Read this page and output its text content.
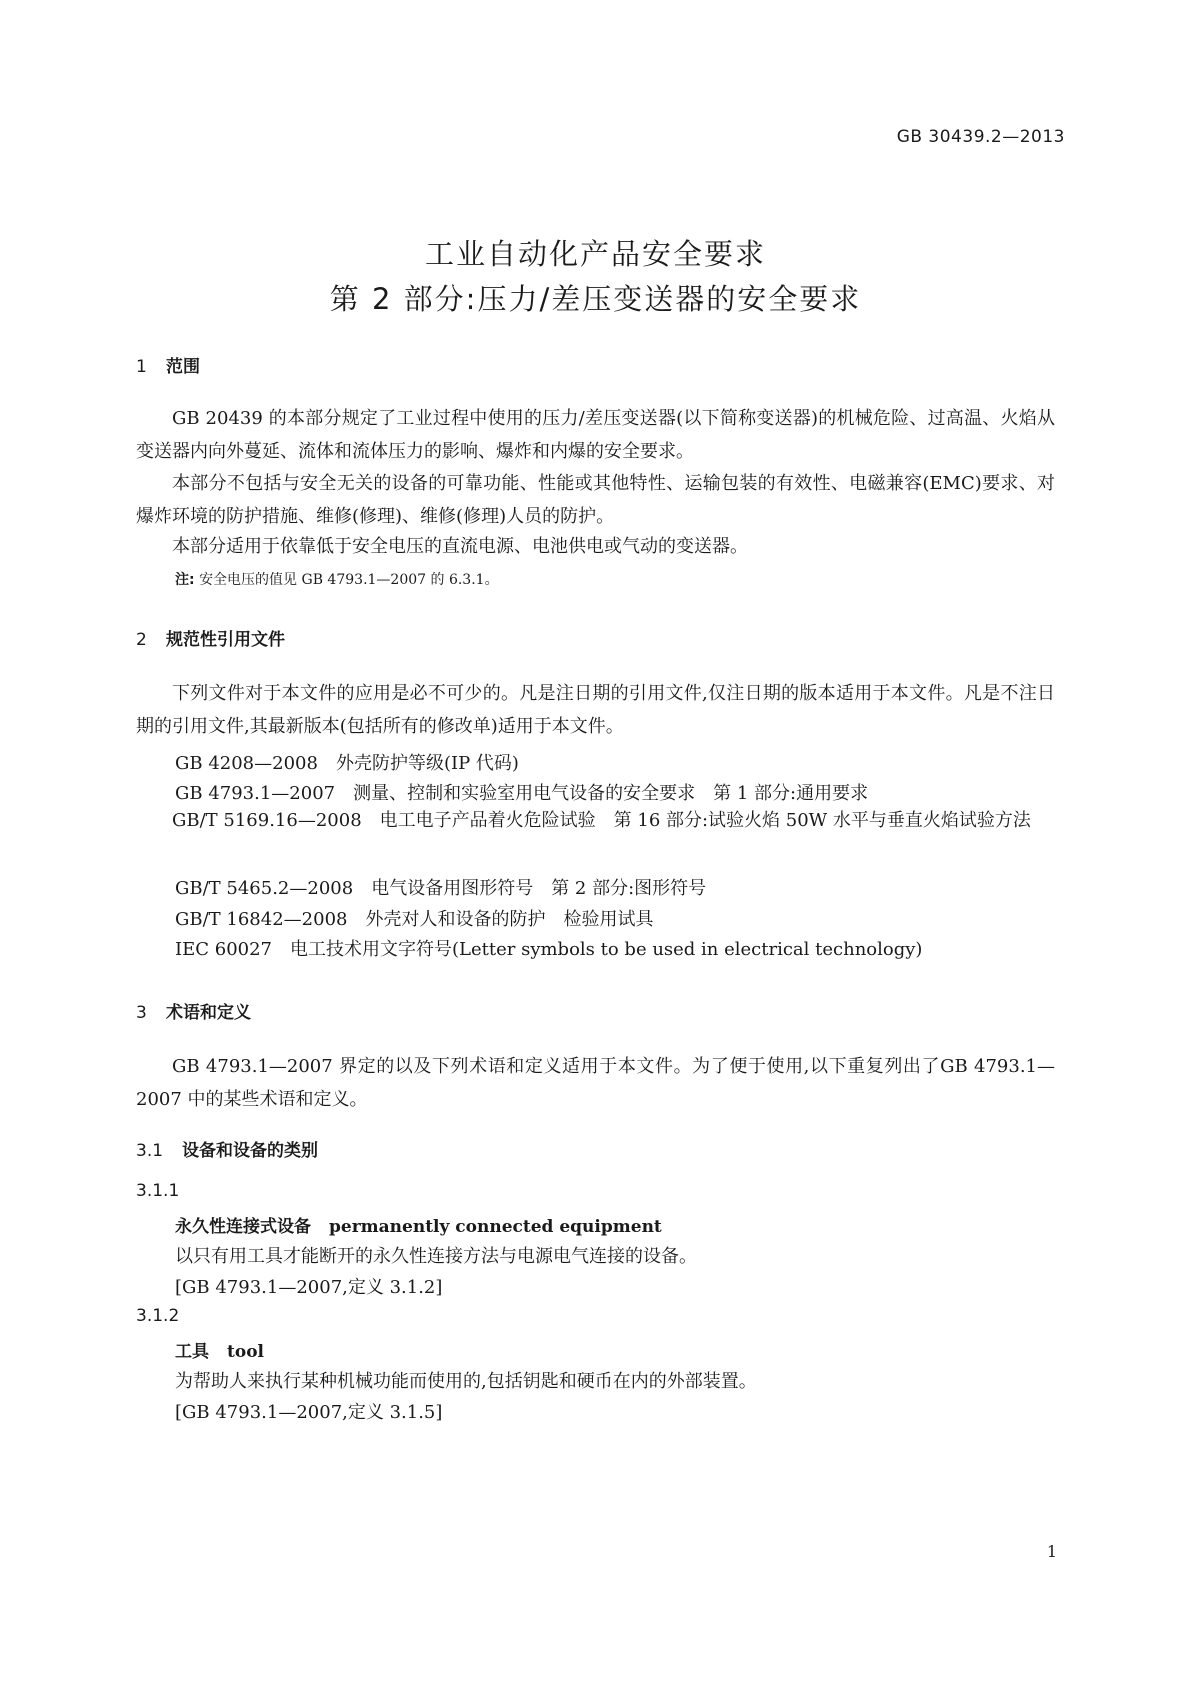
GB 30439.2—2013
工业自动化产品安全要求
第 2 部分:压力/差压变送器的安全要求
1 范围
GB 20439 的本部分规定了工业过程中使用的压力/差压变送器(以下简称变送器)的机械危险、过高温、火焰从变送器内向外蔓延、流体和流体压力的影响、爆炸和内爆的安全要求。
本部分不包括与安全无关的设备的可靠功能、性能或其他特性、运输包装的有效性、电磁兼容(EMC)要求、对爆炸环境的防护措施、维修(修理)、维修(修理)人员的防护。
本部分适用于依靠低于安全电压的直流电源、电池供电或气动的变送器。
注: 安全电压的值见 GB 4793.1—2007 的 6.3.1。
2 规范性引用文件
下列文件对于本文件的应用是必不可少的。凡是注日期的引用文件,仅注日期的版本适用于本文件。凡是不注日期的引用文件,其最新版本(包括所有的修改单)适用于本文件。
GB 4208—2008　外壳防护等级(IP 代码)
GB 4793.1—2007　测量、控制和实验室用电气设备的安全要求　第 1 部分:通用要求
GB/T 5169.16—2008　电工电子产品着火危险试验　第 16 部分:试验火焰 50W 水平与垂直火焰试验方法
GB/T 5465.2—2008　电气设备用图形符号　第 2 部分:图形符号
GB/T 16842—2008　外壳对人和设备的防护　检验用试具
IEC 60027　电工技术用文字符号(Letter symbols to be used in electrical technology)
3 术语和定义
GB 4793.1—2007 界定的以及下列术语和定义适用于本文件。为了便于使用,以下重复列出了GB 4793.1—2007 中的某些术语和定义。
3.1 设备和设备的类别
3.1.1
永久性连接式设备 permanently connected equipment
以只有用工具才能断开的永久性连接方法与电源电气连接的设备。
[GB 4793.1—2007,定义 3.1.2]
3.1.2
工具 tool
为帮助人来执行某种机械功能而使用的,包括钥匙和硬币在内的外部装置。
[GB 4793.1—2007,定义 3.1.5]
1
